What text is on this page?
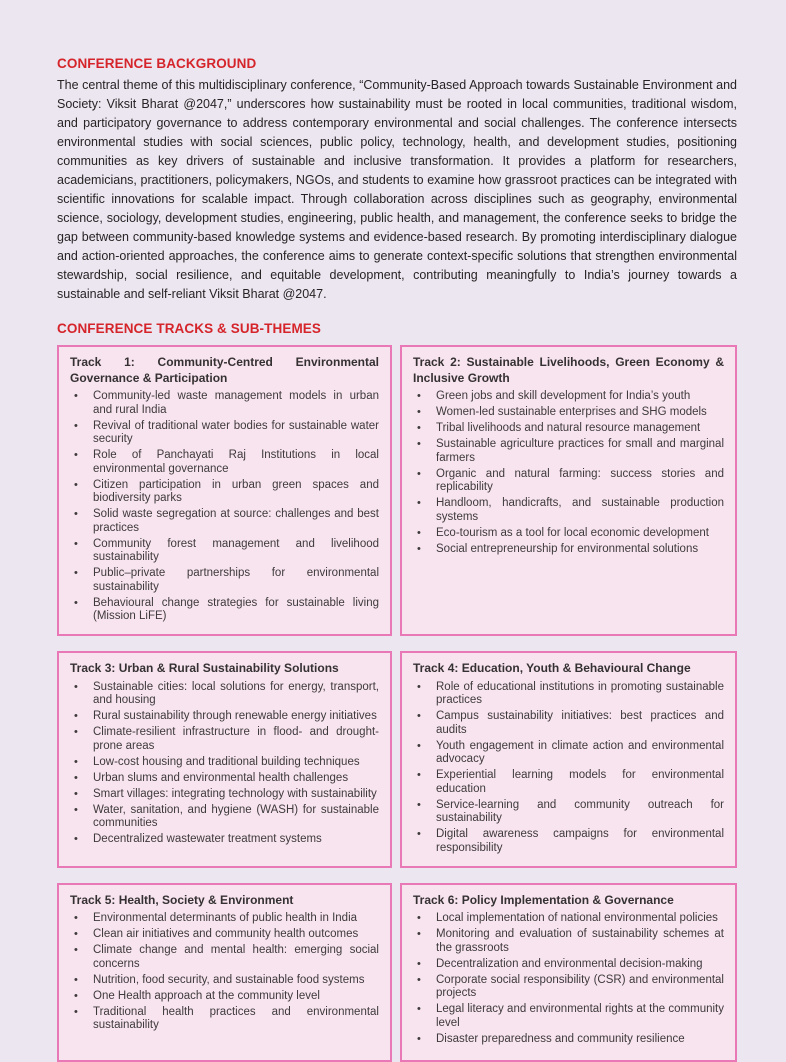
CONFERENCE BACKGROUND

The central theme of this multidisciplinary conference, “Community-Based Approach towards Sustainable Environment and Society: Viksit Bharat @2047,” underscores how sustainability must be rooted in local communities, traditional wisdom, and participatory governance to address contemporary environmental and social challenges. The conference intersects environmental studies with social sciences, public policy, technology, health, and development studies, positioning communities as key drivers of sustainable and inclusive transformation. It provides a platform for researchers, academicians, practitioners, policymakers, NGOs, and students to examine how grassroot practices can be integrated with scientific innovations for scalable impact. Through collaboration across disciplines such as geography, environmental science, sociology, development studies, engineering, public health, and management, the conference seeks to bridge the gap between community-based knowledge systems and evidence-based research. By promoting interdisciplinary dialogue and action-oriented approaches, the conference aims to generate context-specific solutions that strengthen environmental stewardship, social resilience, and equitable development, contributing meaningfully to India’s journey towards a sustainable and self-reliant Viksit Bharat @2047.

CONFERENCE TRACKS & SUB-THEMES
Track 1: Community-Centred Environmental Governance & Participation
• Community-led waste management models in urban and rural India
• Revival of traditional water bodies for sustainable water security
• Role of Panchayati Raj Institutions in local environmental governance
• Citizen participation in urban green spaces and biodiversity parks
• Solid waste segregation at source: challenges and best practices
• Community forest management and livelihood sustainability
• Public–private partnerships for environmental sustainability
• Behavioural change strategies for sustainable living (Mission LiFE)
Track 2: Sustainable Livelihoods, Green Economy & Inclusive Growth
• Green jobs and skill development for India’s youth
• Women-led sustainable enterprises and SHG models
• Tribal livelihoods and natural resource management
• Sustainable agriculture practices for small and marginal farmers
• Organic and natural farming: success stories and replicability
• Handloom, handicrafts, and sustainable production systems
• Eco-tourism as a tool for local economic development
• Social entrepreneurship for environmental solutions
Track 3: Urban & Rural Sustainability Solutions
• Sustainable cities: local solutions for energy, transport, and housing
• Rural sustainability through renewable energy initiatives
• Climate-resilient infrastructure in flood- and drought-prone areas
• Low-cost housing and traditional building techniques
• Urban slums and environmental health challenges
• Smart villages: integrating technology with sustainability
• Water, sanitation, and hygiene (WASH) for sustainable communities
• Decentralized wastewater treatment systems
Track 4: Education, Youth & Behavioural Change
• Role of educational institutions in promoting sustainable practices
• Campus sustainability initiatives: best practices and audits
• Youth engagement in climate action and environmental advocacy
• Experiential learning models for environmental education
• Service-learning and community outreach for sustainability
• Digital awareness campaigns for environmental responsibility
Track 5: Health, Society & Environment
• Environmental determinants of public health in India
• Clean air initiatives and community health outcomes
• Climate change and mental health: emerging social concerns
• Nutrition, food security, and sustainable food systems
• One Health approach at the community level
• Traditional health practices and environmental sustainability
Track 6: Policy Implementation & Governance
• Local implementation of national environmental policies
• Monitoring and evaluation of sustainability schemes at the grassroots
• Decentralization and environmental decision-making
• Corporate social responsibility (CSR) and environmental projects
• Legal literacy and environmental rights at the community level
• Disaster preparedness and community resilience
